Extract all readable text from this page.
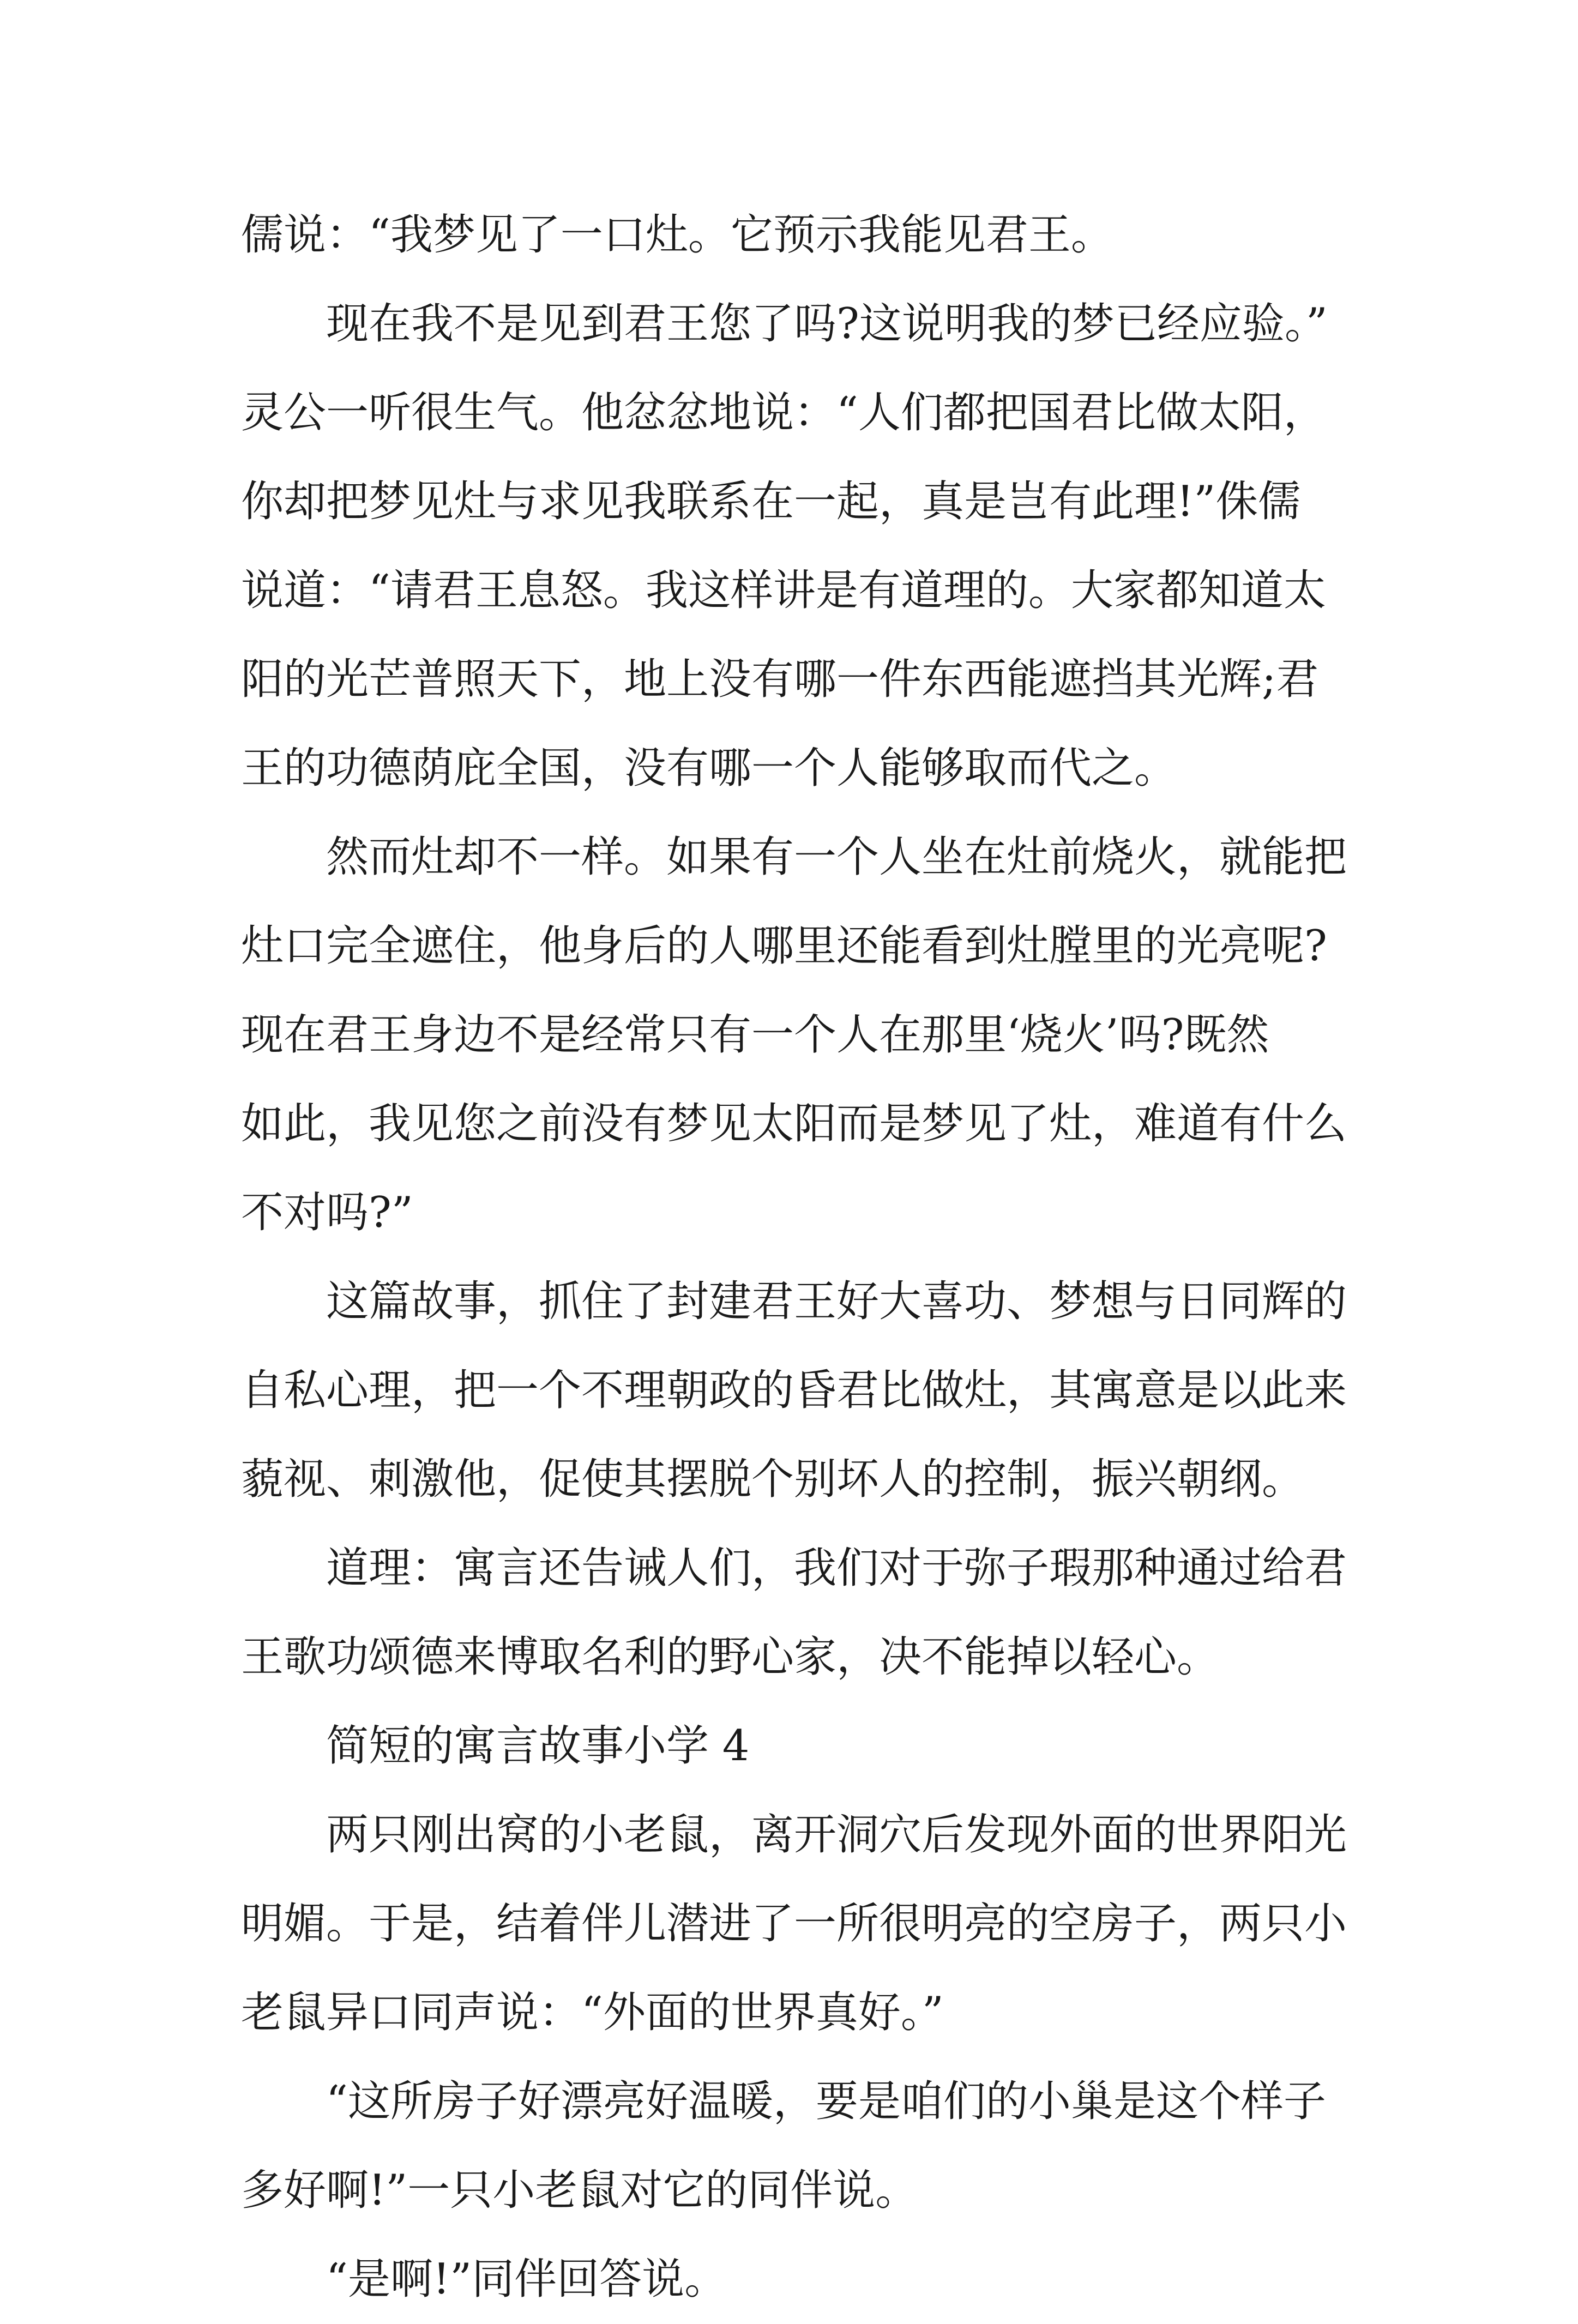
儒说：“我梦见了一口灶。它预示我能见君王。
现在我不是见到君王您了吗?这说明我的梦已经应验。”
灵公一听很生气。他忿忿地说：“人们都把国君比做太阳，
你却把梦见灶与求见我联系在一起，真是岂有此理!”侏儒
说道：“请君王息怒。我这样讲是有道理的。大家都知道太
阳的光芒普照天下，地上没有哪一件东西能遮挡其光辉;君
王的功德荫庇全国，没有哪一个人能够取而代之。
然而灶却不一样。如果有一个人坐在灶前烧火，就能把
灶口完全遮住，他身后的人哪里还能看到灶膛里的光亮呢?
现在君王身边不是经常只有一个人在那里‘烧火’吗?既然
如此，我见您之前没有梦见太阳而是梦见了灶，难道有什么
不对吗?”
这篇故事，抓住了封建君王好大喜功、梦想与日同辉的
自私心理，把一个不理朝政的昏君比做灶，其寓意是以此来
藐视、刺激他，促使其摆脱个别坏人的控制，振兴朝纲。
道理：寓言还告诫人们，我们对于弥子瑕那种通过给君
王歌功颂德来博取名利的野心家，决不能掉以轻心。
简短的寓言故事小学 4
两只刚出窝的小老鼠，离开洞穴后发现外面的世界阳光
明媚。于是，结着伴儿潜进了一所很明亮的空房子，两只小
老鼠异口同声说：“外面的世界真好。”
“这所房子好漂亮好温暖，要是咱们的小巢是这个样子
多好啊!”一只小老鼠对它的同伴说。
“是啊!”同伴回答说。
